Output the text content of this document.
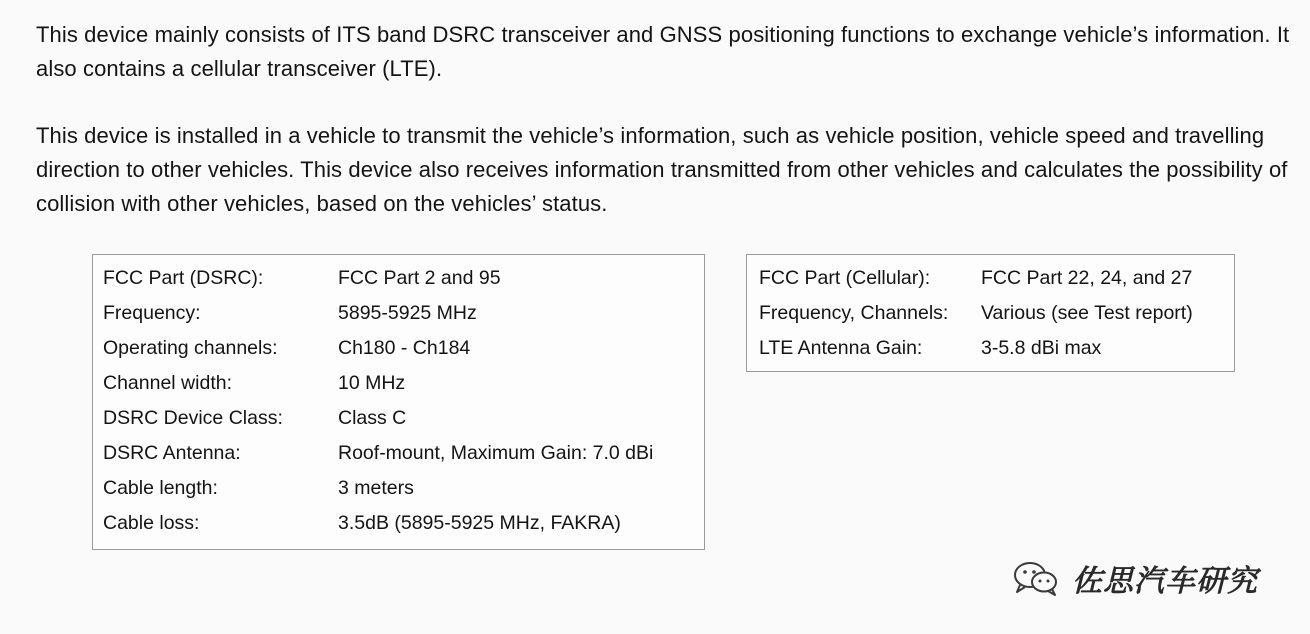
This device mainly consists of ITS band DSRC transceiver and GNSS positioning functions to exchange vehicle’s information. It also contains a cellular transceiver (LTE).

This device is installed in a vehicle to transmit the vehicle’s information, such as vehicle position, vehicle speed and travelling direction to other vehicles. This device also receives information transmitted from other vehicles and calculates the possibility of collision with other vehicles, based on the vehicles’ status.

FCC Part (DSRC):	FCC Part 2 and 95
Frequency:	5895-5925 MHz
Operating channels:	Ch180 - Ch184
Channel width:	10 MHz
DSRC Device Class:	Class C
DSRC Antenna:	Roof-mount, Maximum Gain: 7.0 dBi
Cable length:	3 meters
Cable loss:	3.5dB (5895-5925 MHz, FAKRA)
FCC Part (Cellular):	FCC Part 22, 24, and 27
Frequency, Channels: Various (see Test report)
LTE Antenna Gain:	3-5.8 dBi max
佐思汽车研究
